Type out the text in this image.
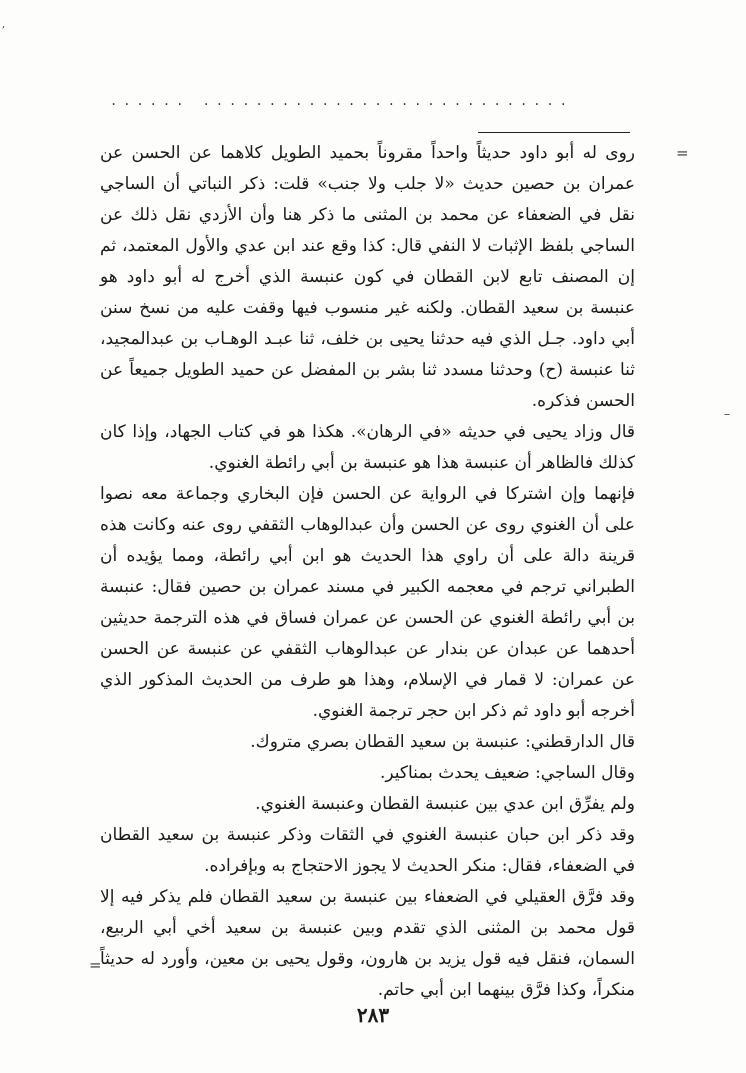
,
...... ............................
=
–

روى له أبو داود حديثاً واحداً مقروناً بحميد الطويل كلاهما عن الحسن عن عمران بن حصين حديث «لا جلب ولا جنب» قلت: ذكر النباتي أن الساجي نقل في الضعفاء عن محمد بن المثنى ما ذكر هنا وأن الأزدي نقل ذلك عن الساجي بلفظ الإثبات لا النفي قال: كذا وقع عند ابن عدي والأول المعتمد، ثم إن المصنف تابع لابن القطان في كون عنبسة الذي أخرج له أبو داود هو عنبسة بن سعيد القطان. ولكنه غير منسوب فيها وقفت عليه من نسخ سنن أبي داود. جـل الذي فيه حدثنا يحيى بن خلف، ثنا عبـد الوهـاب بن عبدالمجيد، ثنا عنبسة (ح) وحدثنا مسدد ثنا بشر بن المفضل عن حميد الطويل جميعاً عن الحسن فذكره.

قال وزاد يحيى في حديثه «في الرهان». هكذا هو في كتاب الجهاد، وإذا كان كذلك فالظاهر أن عنبسة هذا هو عنبسة بن أبي رائطة الغنوي.

فإنهما وإن اشتركا في الرواية عن الحسن فإن البخاري وجماعة معه نصوا على أن الغنوي روى عن الحسن وأن عبدالوهاب الثقفي روى عنه وكانت هذه قرينة دالة على أن راوي هذا الحديث هو ابن أبي رائطة، ومما يؤيده أن الطبراني ترجم في معجمه الكبير في مسند عمران بن حصين فقال: عنبسة بن أبي رائطة الغنوي عن الحسن عن عمران فساق في هذه الترجمة حديثين أحدهما عن عبدان عن بندار عن عبدالوهاب الثقفي عن عنبسة عن الحسن عن عمران: لا قمار في الإسلام، وهذا هو طرف من الحديث المذكور الذي أخرجه أبو داود ثم ذكر ابن حجر ترجمة الغنوي.

قال الدارقطني: عنبسة بن سعيد القطان بصري متروك.

وقال الساجي: ضعيف يحدث بمناكير.

ولم يفرِّق ابن عدي بين عنبسة القطان وعنبسة الغنوي.

وقد ذكر ابن حبان عنبسة الغنوي في الثقات وذكر عنبسة بن سعيد القطان في الضعفاء، فقال: منكر الحديث لا يجوز الاحتجاج به وبإفراده.

وقد فرَّق العقيلي في الضعفاء بين عنبسة بن سعيد القطان فلم يذكر فيه إلا قول محمد بن المثنى الذي تقدم وبين عنبسة بن سعيد أخي أبي الربيع، السمان، فنقل فيه قول يزيد بن هارون، وقول يحيى بن معين، وأورد له حديثاً منكراً، وكذا فرَّق بينهما ابن أبي حاتم.

=
٢٨٣
